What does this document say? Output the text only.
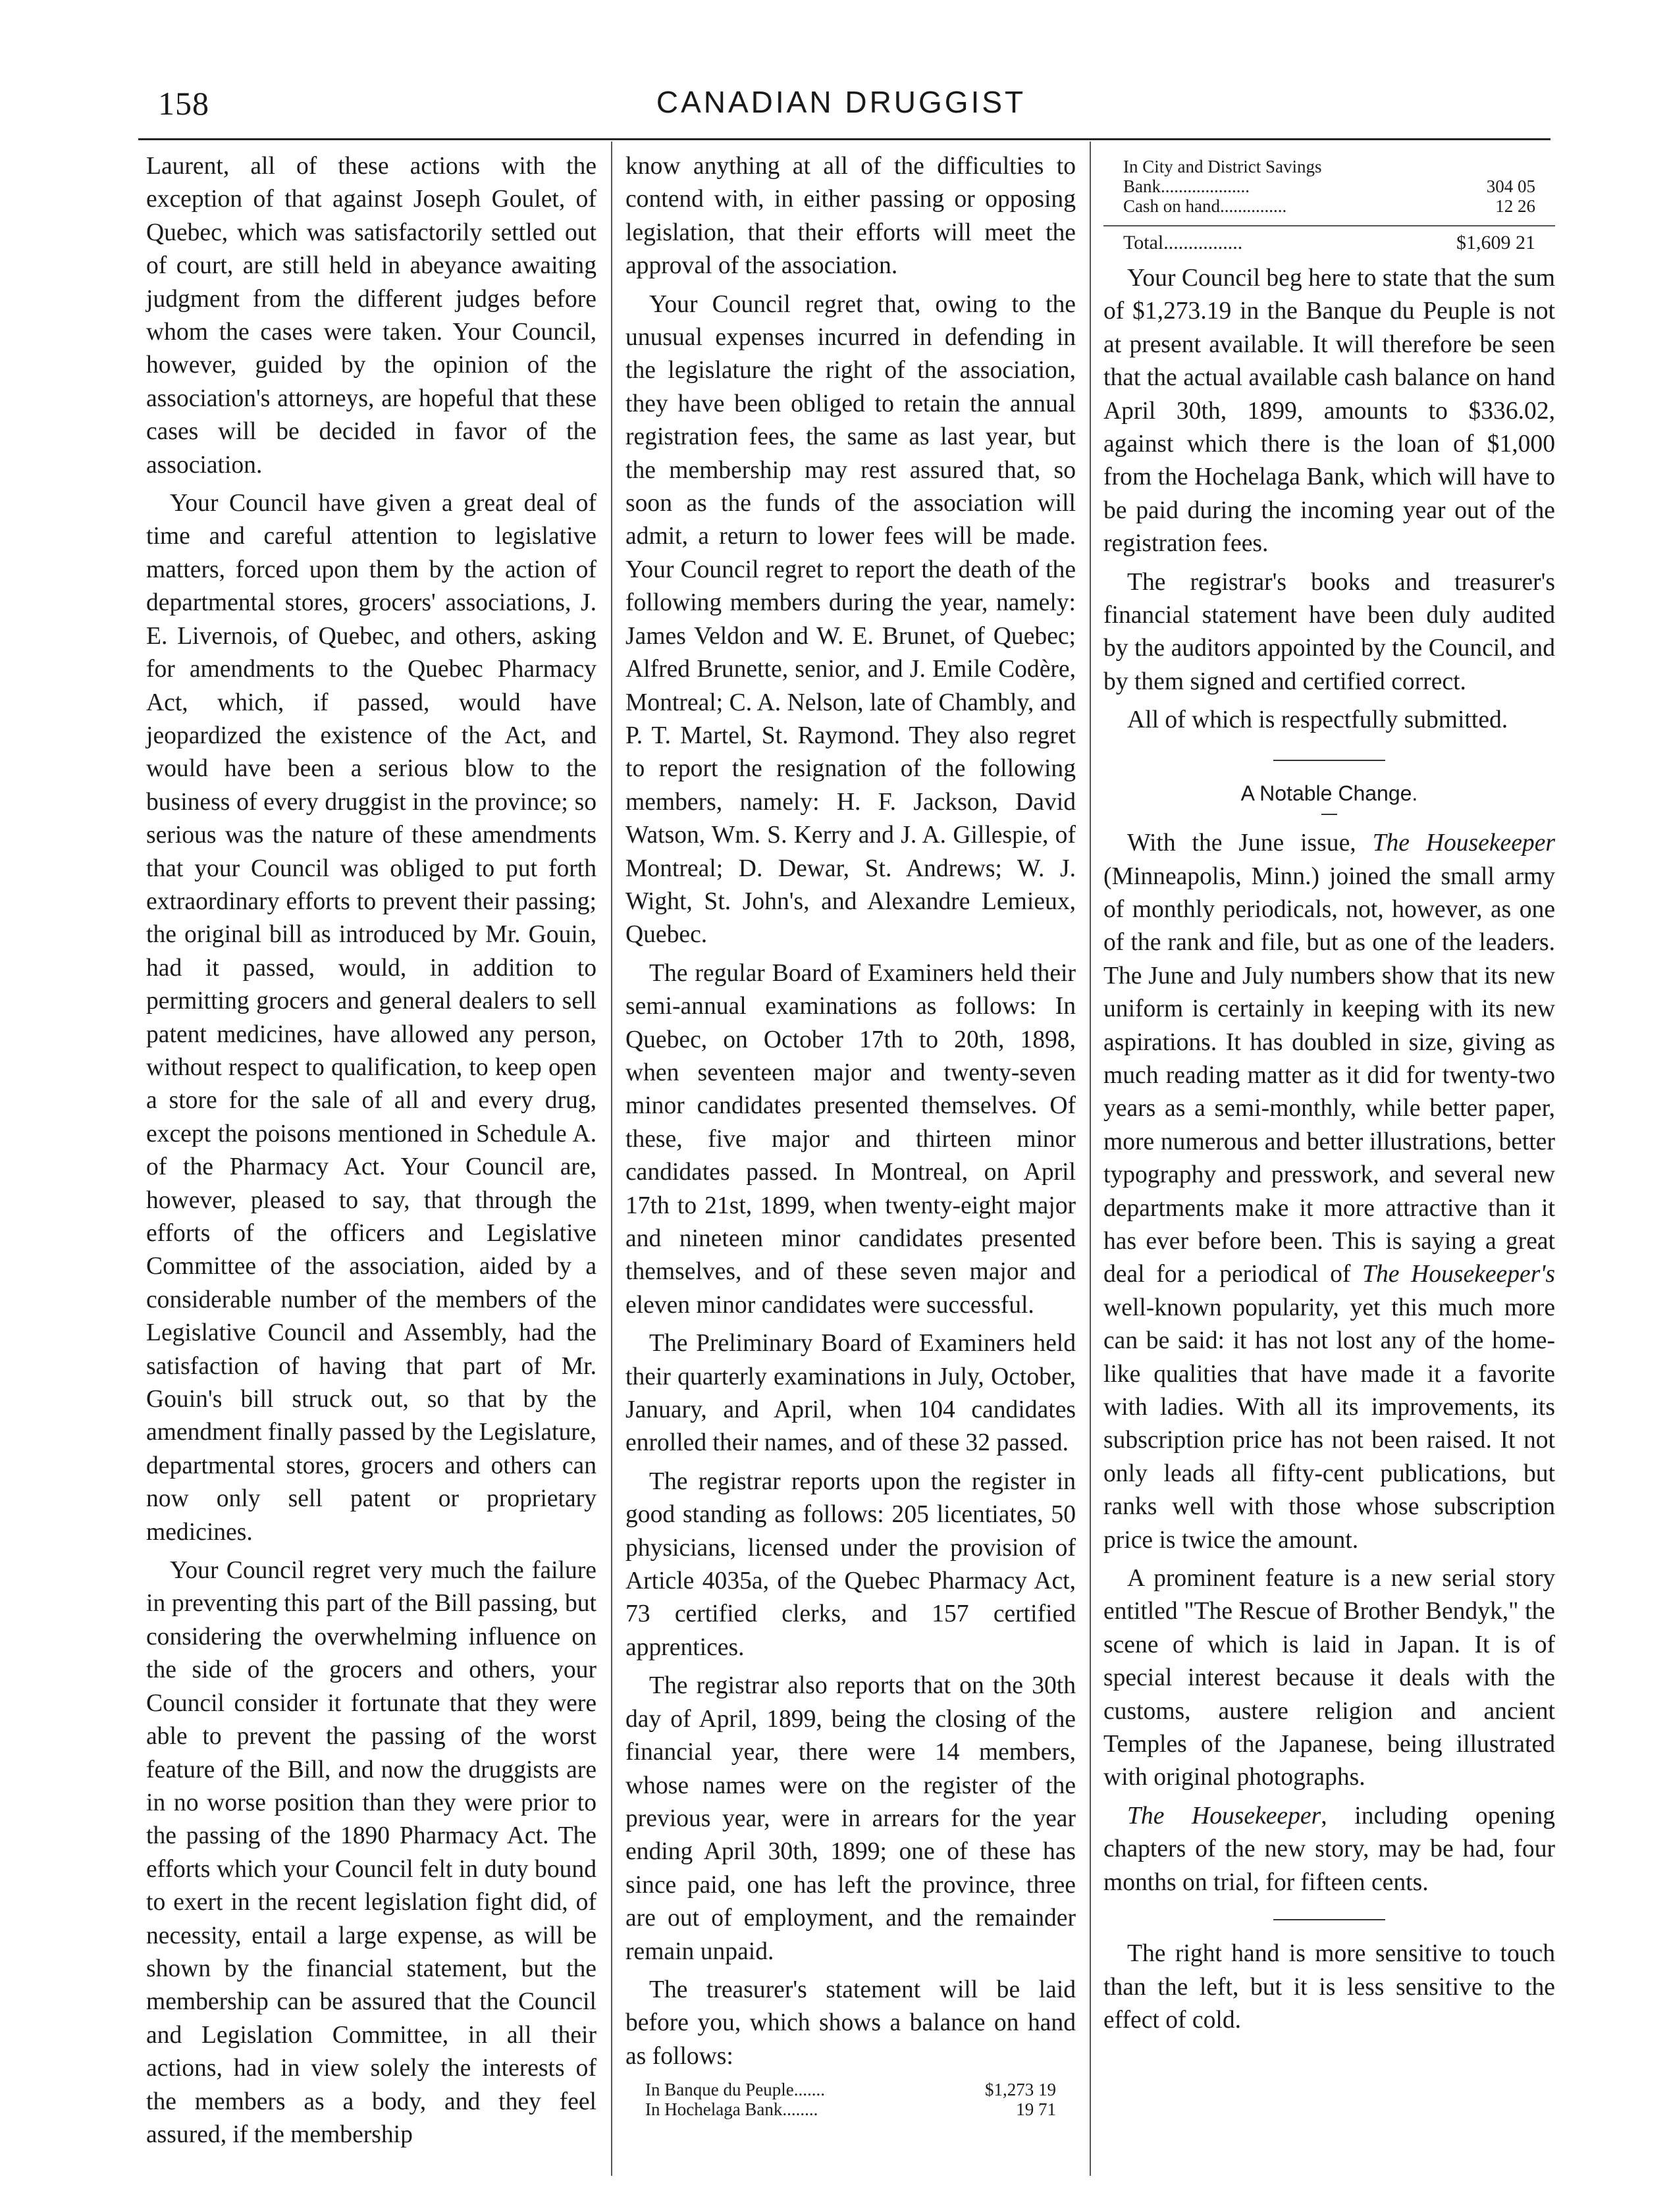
158	CANADIAN DRUGGIST

Laurent, all of these actions with the exception of that against Joseph Goulet, of Quebec, which was satisfactorily settled out of court, are still held in abeyance awaiting judgment from the different judges before whom the cases were taken. Your Council, however, guided by the opinion of the association's attorneys, are hopeful that these cases will be decided in favor of the association.

Your Council have given a great deal of time and careful attention to legislative matters, forced upon them by the action of departmental stores, grocers' associations, J. E. Livernois, of Quebec, and others, asking for amendments to the Quebec Pharmacy Act, which, if passed, would have jeopardized the existence of the Act, and would have been a serious blow to the business of every druggist in the province; so serious was the nature of these amendments that your Council was obliged to put forth extraordinary efforts to prevent their passing; the original bill as introduced by Mr. Gouin, had it passed, would, in addition to permitting grocers and general dealers to sell patent medicines, have allowed any person, without respect to qualification, to keep open a store for the sale of all and every drug, except the poisons mentioned in Schedule A. of the Pharmacy Act. Your Council are, however, pleased to say, that through the efforts of the officers and Legislative Committee of the association, aided by a considerable number of the members of the Legislative Council and Assembly, had the satisfaction of having that part of Mr. Gouin's bill struck out, so that by the amendment finally passed by the Legislature, departmental stores, grocers and others can now only sell patent or proprietary medicines.

Your Council regret very much the failure in preventing this part of the Bill passing, but considering the overwhelming influence on the side of the grocers and others, your Council consider it fortunate that they were able to prevent the passing of the worst feature of the Bill, and now the druggists are in no worse position than they were prior to the passing of the 1890 Pharmacy Act. The efforts which your Council felt in duty bound to exert in the recent legislation fight did, of necessity, entail a large expense, as will be shown by the financial statement, but the membership can be assured that the Council and Legislation Committee, in all their actions, had in view solely the interests of the members as a body, and they feel assured, if the membership

know anything at all of the difficulties to contend with, in either passing or opposing legislation, that their efforts will meet the approval of the association.

Your Council regret that, owing to the unusual expenses incurred in defending in the legislature the right of the association, they have been obliged to retain the annual registration fees, the same as last year, but the membership may rest assured that, so soon as the funds of the association will admit, a return to lower fees will be made. Your Council regret to report the death of the following members during the year, namely: James Veldon and W. E. Brunet, of Quebec; Alfred Brunette, senior, and J. Emile Codère, Montreal; C. A. Nelson, late of Chambly, and P. T. Martel, St. Raymond. They also regret to report the resignation of the following members, namely: H. F. Jackson, David Watson, Wm. S. Kerry and J. A. Gillespie, of Montreal; D. Dewar, St. Andrews; W. J. Wight, St. John's, and Alexandre Lemieux, Quebec.

The regular Board of Examiners held their semi-annual examinations as follows: In Quebec, on October 17th to 20th, 1898, when seventeen major and twenty-seven minor candidates presented themselves. Of these, five major and thirteen minor candidates passed. In Montreal, on April 17th to 21st, 1899, when twenty-eight major and nineteen minor candidates presented themselves, and of these seven major and eleven minor candidates were successful.

The Preliminary Board of Examiners held their quarterly examinations in July, October, January, and April, when 104 candidates enrolled their names, and of these 32 passed.

The registrar reports upon the register in good standing as follows: 205 licentiates, 50 physicians, licensed under the provision of Article 4035a, of the Quebec Pharmacy Act, 73 certified clerks, and 157 certified apprentices.

The registrar also reports that on the 30th day of April, 1899, being the closing of the financial year, there were 14 members, whose names were on the register of the previous year, were in arrears for the year ending April 30th, 1899; one of these has since paid, one has left the province, three are out of employment, and the remainder remain unpaid.

The treasurer's statement will be laid before you, which shows a balance on hand as follows:

In Banque du Peuple.......	$1,273 19
In Hochelaga Bank........	19 71
In City and District Savings
Bank....................	304 05
Cash on hand...............	12 26
Total................	$1,609 21

Your Council beg here to state that the sum of $1,273.19 in the Banque du Peuple is not at present available. It will therefore be seen that the actual available cash balance on hand April 30th, 1899, amounts to $336.02, against which there is the loan of $1,000 from the Hochelaga Bank, which will have to be paid during the incoming year out of the registration fees.

The registrar's books and treasurer's financial statement have been duly audited by the auditors appointed by the Council, and by them signed and certified correct.

All of which is respectfully submitted.

A Notable Change.

With the June issue, The Housekeeper (Minneapolis, Minn.) joined the small army of monthly periodicals, not, however, as one of the rank and file, but as one of the leaders. The June and July numbers show that its new uniform is certainly in keeping with its new aspirations. It has doubled in size, giving as much reading matter as it did for twenty-two years as a semi-monthly, while better paper, more numerous and better illustrations, better typography and presswork, and several new departments make it more attractive than it has ever before been. This is saying a great deal for a periodical of The Housekeeper's well-known popularity, yet this much more can be said: it has not lost any of the home-like qualities that have made it a favorite with ladies. With all its improvements, its subscription price has not been raised. It not only leads all fifty-cent publications, but ranks well with those whose subscription price is twice the amount.

A prominent feature is a new serial story entitled "The Rescue of Brother Bendyk," the scene of which is laid in Japan. It is of special interest because it deals with the customs, austere religion and ancient Temples of the Japanese, being illustrated with original photographs.

The Housekeeper, including opening chapters of the new story, may be had, four months on trial, for fifteen cents.

The right hand is more sensitive to touch than the left, but it is less sensitive to the effect of cold.
